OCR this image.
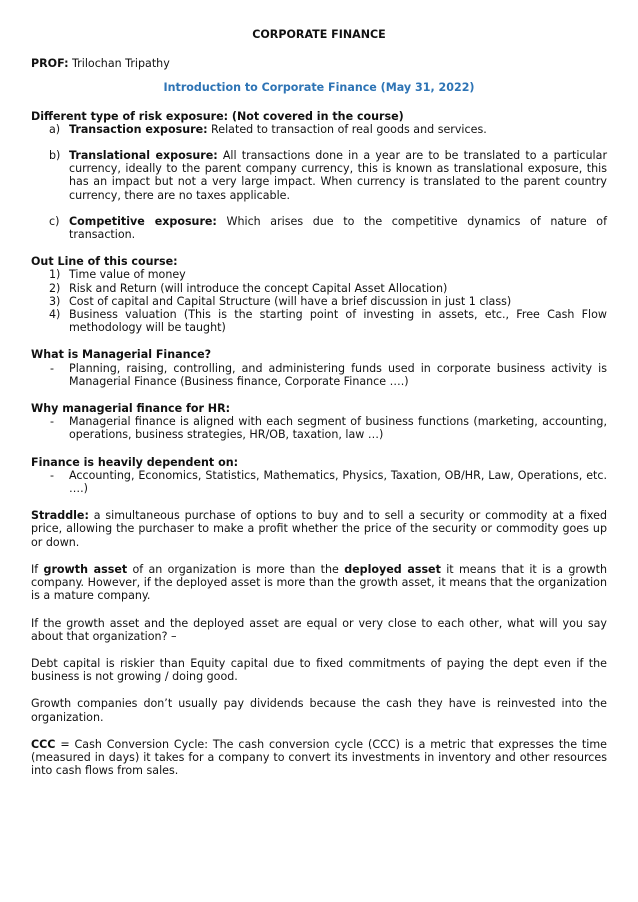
CORPORATE FINANCE
PROF: Trilochan Tripathy
Introduction to Corporate Finance (May 31, 2022)
Different type of risk exposure: (Not covered in the course)
a) Transaction exposure: Related to transaction of real goods and services.
b) Translational exposure: All transactions done in a year are to be translated to a particular currency, ideally to the parent company currency, this is known as translational exposure, this has an impact but not a very large impact. When currency is translated to the parent country currency, there are no taxes applicable.
c) Competitive exposure: Which arises due to the competitive dynamics of nature of transaction.
Out Line of this course:
1) Time value of money
2) Risk and Return (will introduce the concept Capital Asset Allocation)
3) Cost of capital and Capital Structure (will have a brief discussion in just 1 class)
4) Business valuation (This is the starting point of investing in assets, etc., Free Cash Flow methodology will be taught)
What is Managerial Finance?
- Planning, raising, controlling, and administering funds used in corporate business activity is Managerial Finance (Business finance, Corporate Finance ….)
Why managerial finance for HR:
- Managerial finance is aligned with each segment of business functions (marketing, accounting, operations, business strategies, HR/OB, taxation, law …)
Finance is heavily dependent on:
- Accounting, Economics, Statistics, Mathematics, Physics, Taxation, OB/HR, Law, Operations, etc. ….)
Straddle: a simultaneous purchase of options to buy and to sell a security or commodity at a fixed price, allowing the purchaser to make a profit whether the price of the security or commodity goes up or down.
If growth asset of an organization is more than the deployed asset it means that it is a growth company. However, if the deployed asset is more than the growth asset, it means that the organization is a mature company.
If the growth asset and the deployed asset are equal or very close to each other, what will you say about that organization? –
Debt capital is riskier than Equity capital due to fixed commitments of paying the dept even if the business is not growing / doing good.
Growth companies don’t usually pay dividends because the cash they have is reinvested into the organization.
CCC = Cash Conversion Cycle: The cash conversion cycle (CCC) is a metric that expresses the time (measured in days) it takes for a company to convert its investments in inventory and other resources into cash flows from sales.
